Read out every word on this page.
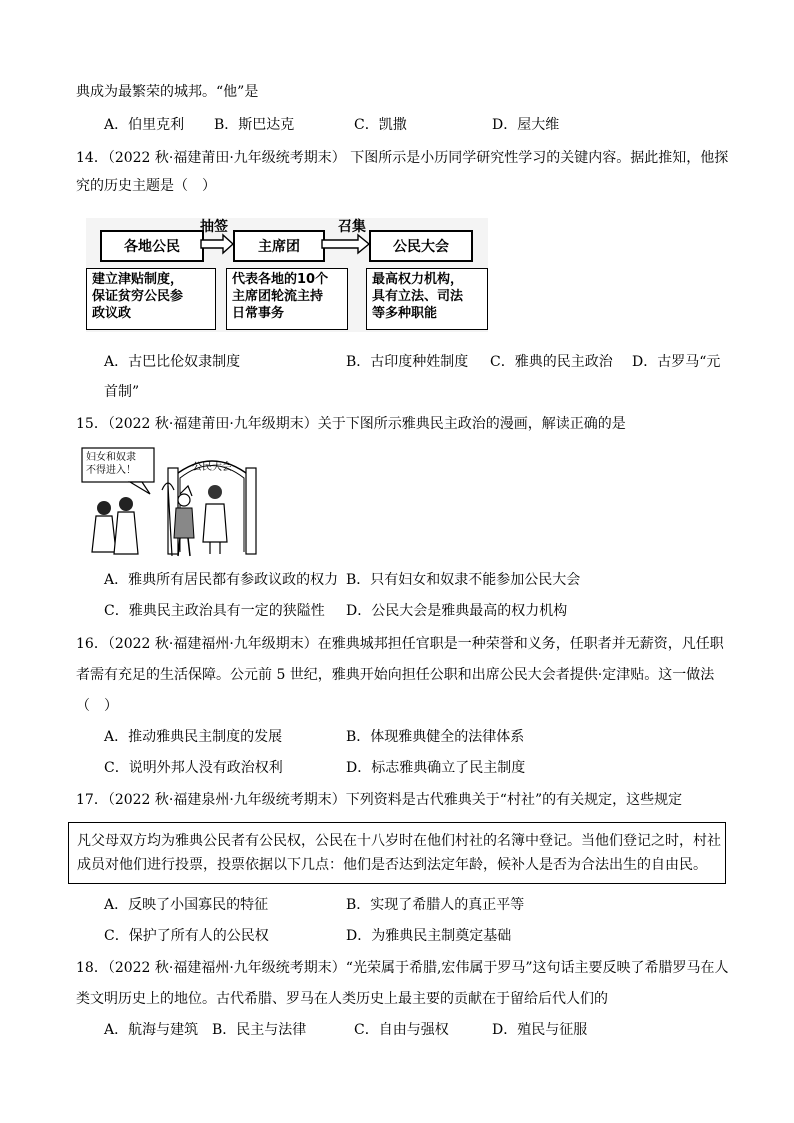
典成为最繁荣的城邦。“他”是
A．伯里克利 B．斯巴达克	C．凯撒	D．屋大维
14．（2022 秋·福建莆田·九年级统考期末） 下图所示是小历同学研究性学习的关键内容。据此推知，他探
究的历史主题是（　）
各地公民	主席团	公民大会
抽签	召集
建立津贴制度，
保证贫穷公民参
政议政
代表各地的10个
主席团轮流主持
日常事务
最高权力机构，
具有立法、司法
等多种职能
A．古巴比伦奴隶制度	B．古印度种姓制度 C．雅典的民主政治 D．古罗马“元
首制”
15．（2022 秋·福建莆田·九年级期末）关于下图所示雅典民主政治的漫画，解读正确的是
妇女和奴隶
不得进入！	公民大会
A．雅典所有居民都有参政议政的权力 B．只有妇女和奴隶不能参加公民大会
C．雅典民主政治具有一定的狭隘性 D．公民大会是雅典最高的权力机构
16．（2022 秋·福建福州·九年级期末）在雅典城邦担任官职是一种荣誉和义务，任职者并无薪资，凡任职
者需有充足的生活保障。公元前 5 世纪，雅典开始向担任公职和出席公民大会者提供·定津贴。这一做法
（　）
A．推动雅典民主制度的发展	B．体现雅典健全的法律体系
C．说明外邦人没有政治权利	D．标志雅典确立了民主制度
17．（2022 秋·福建泉州·九年级统考期末）下列资料是古代雅典关于“村社”的有关规定，这些规定
凡父母双方均为雅典公民者有公民权，公民在十八岁时在他们村社的名簿中登记。当他们登记之时，村社
成员对他们进行投票，投票依据以下几点：他们是否达到法定年龄，候补人是否为合法出生的自由民。
A．反映了小国寡民的特征	B．实现了希腊人的真正平等
C．保护了所有人的公民权	D．为雅典民主制奠定基础
18．（2022 秋·福建福州·九年级统考期末）“光荣属于希腊,宏伟属于罗马”这句话主要反映了希腊罗马在人
类文明历史上的地位。古代希腊、罗马在人类历史上最主要的贡献在于留给后代人们的
A．航海与建筑 B．民主与法律	C．自由与强权	D．殖民与征服
